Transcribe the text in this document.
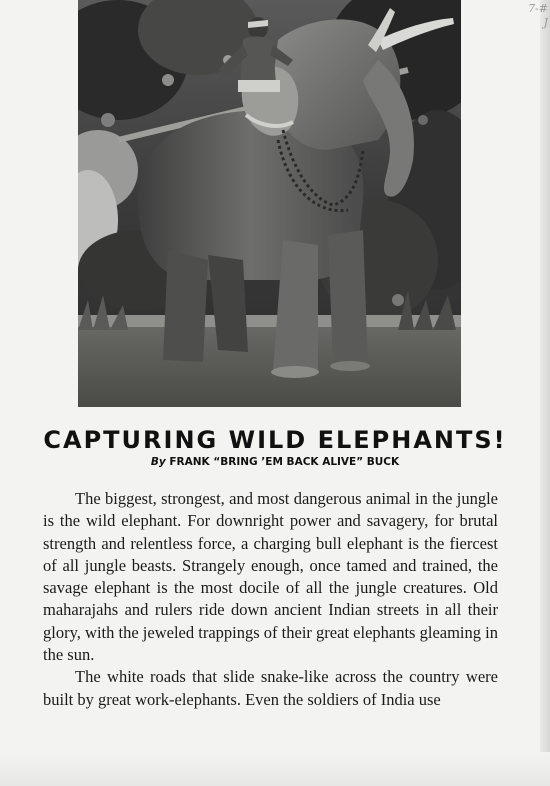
7-#
J
CAPTURING WILD ELEPHANTS!
By FRANK “BRING ’EM BACK ALIVE” BUCK

The biggest, strongest, and most dangerous animal in the jungle is the wild elephant. For downright power and savagery, for brutal strength and relentless force, a charging bull elephant is the fiercest of all jungle beasts. Strangely enough, once tamed and trained, the savage elephant is the most docile of all the jungle creatures. Old maharajahs and rulers ride down ancient Indian streets in all their glory, with the jeweled trappings of their great elephants gleaming in the sun.

The white roads that slide snake-like across the country were built by great work-elephants. Even the soldiers of India use
